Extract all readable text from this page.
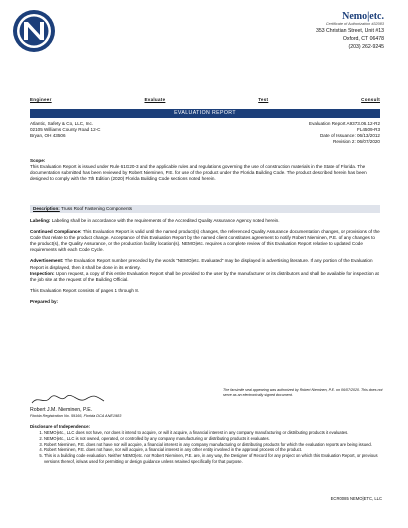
Nemo|etc.
Certificate of Authorization #32083
353 Christian Street, Unit #13
Oxford, CT 06478
(203) 262-9245
Engineer	Evaluate	Test	Consult
EVALUATION REPORT
Atlantic, Safety & Co, LLC, Inc.
02105 Williams County Road 12-C
Bryan, OH 43506
Evaluation Report A9373.06.12-R2
FL4509-R3
Date of Issuance: 06/13/2012
Revision 2: 06/07/2020
Scope:
This Evaluation Report is issued under Rule 61G20-3 and the applicable rules and regulations governing the use of construction materials in the State of Florida. The documentation submitted has been reviewed by Robert Nieminen, P.E. for use of the product under the Florida Building Code. The product described herein has been designed to comply with the 7th Edition (2020) Florida Building Code sections noted herein.
Description: Truss Roof Fastening Components
Labeling: Labeling shall be in accordance with the requirements of the Accredited Quality Assurance Agency noted herein.
Continued Compliance: This Evaluation Report is valid until the named product(s) changes, the referenced Quality Assurance documentation changes, or provisions of the Code that relate to the product change. Acceptance of this Evaluation Report by the named client constitutes agreement to notify Robert Nieminen, P.E. of any changes to the product(s), the Quality Assurance, or the production facility location(s). NEMO|etc. requires a complete review of this Evaluation Report relative to updated Code requirements with each Code Cycle.
Advertisement: The Evaluation Report number preceded by the words “NEMO|etc. Evaluated” may be displayed in advertising literature. If any portion of the Evaluation Report is displayed, then it shall be done in its entirety.
Inspection: Upon request, a copy of this entire Evaluation Report shall be provided to the user by the manufacturer or its distributors and shall be available for inspection at the job site at the request of the Building Official.
This Evaluation Report consists of pages 1 through 8.
Prepared by:
Robert J.M. Nieminen, P.E.
Florida Registration No. 59166, Florida DCA ANE1983
The facsimile seal appearing was authorized by Robert Nieminen, P.E. on 06/07/2020. This does not serve as an electronically signed document.
Disclosure of Independence:
1. NEMO|etc., LLC does not have, nor does it intend to acquire, or will it acquire, a financial interest in any company manufacturing or distributing products it evaluates.
2. NEMO|etc., LLC is not owned, operated, or controlled by any company manufacturing or distributing products it evaluates.
3. Robert Nieminen, P.E. does not have nor will acquire, a financial interest in any company manufacturing or distributing products for which the evaluation reports are being issued.
4. Robert Nieminen, P.E. does not have, nor will acquire, a financial interest in any other entity involved in the approval process of the product.
5. This is a building code evaluation. Neither NEMO|etc. nor Robert Nieminen, P.E. are, in any way, the Designer of Record for any project on which this Evaluation Report, or previous versions thereof, is/was used for permitting or design guidance unless retained specifically for that purpose.
ECR0085 NEMO|ETC, LLC
